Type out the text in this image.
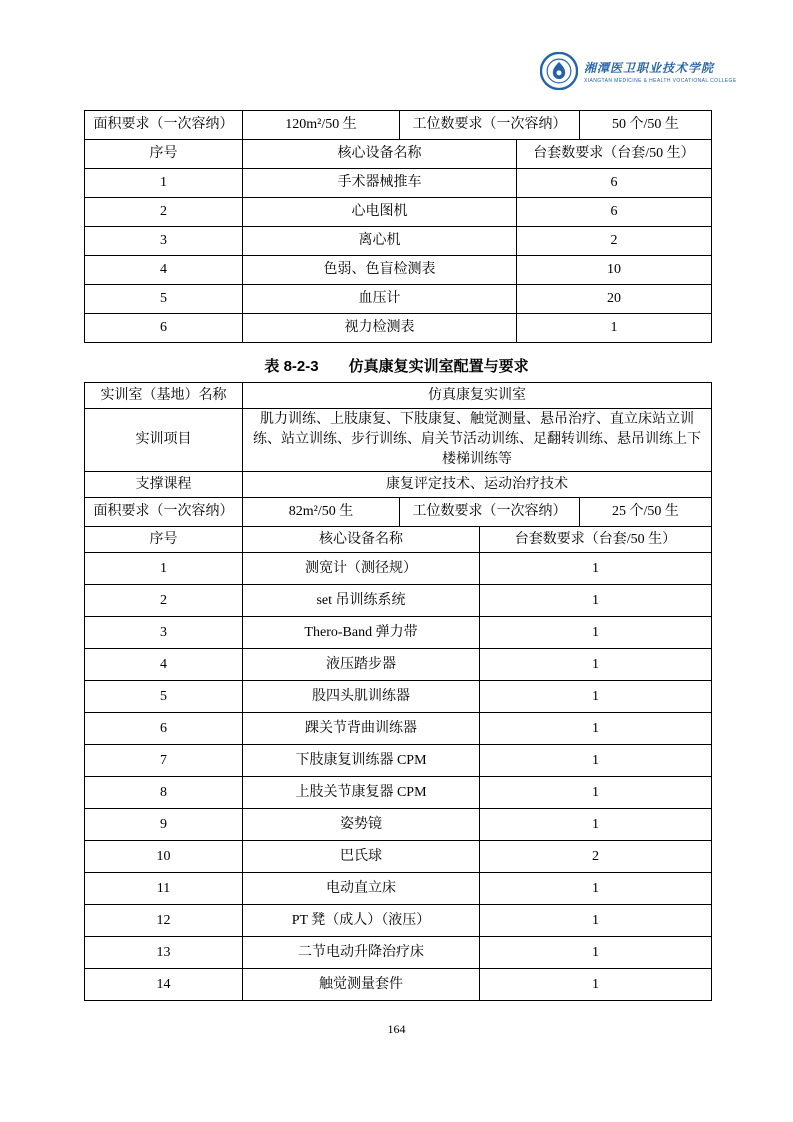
湘潭医卫职业技术学院
XIANGTAN MEDICINE & HEALTH VOCATIONAL COLLEGE
面积要求（一次容纳）	120m²/50 生	工位数要求（一次容纳）		50 个/50 生
序号	核心设备名称		台套数要求（台套/50 生）	
1	手术器械推车		6	
2	心电图机		6	
3	离心机		2	
4	色弱、色盲检测表		10	
5	血压计		20	
6	视力检测表		1	
表 8-2-3　　仿真康复实训室配置与要求
实训室（基地）名称	仿真康复实训室			
实训项目	肌力训练、上肢康复、下肢康复、触觉测量、悬吊治疗、直立床站立训练、站立训练、步行训练、肩关节活动训练、足翻转训练、悬吊训练上下楼梯训练等			
支撑课程	康复评定技术、运动治疗技术			
面积要求（一次容纳）	82m²/50 生	工位数要求（一次容纳）		25 个/50 生
序号	核心设备名称		台套数要求（台套/50 生）	
1	测宽计（测径规）		1	
2	set 吊训练系统		1	
3	Thero-Band 弹力带		1	
4	液压踏步器		1	
5	股四头肌训练器		1	
6	踝关节背曲训练器		1	
7	下肢康复训练器 CPM		1	
8	上肢关节康复器 CPM		1	
9	姿势镜		1	
10	巴氏球		2	
11	电动直立床		1	
12	PT 凳（成人）（液压）		1	
13	二节电动升降治疗床		1	
14	触觉测量套件		1	
164
